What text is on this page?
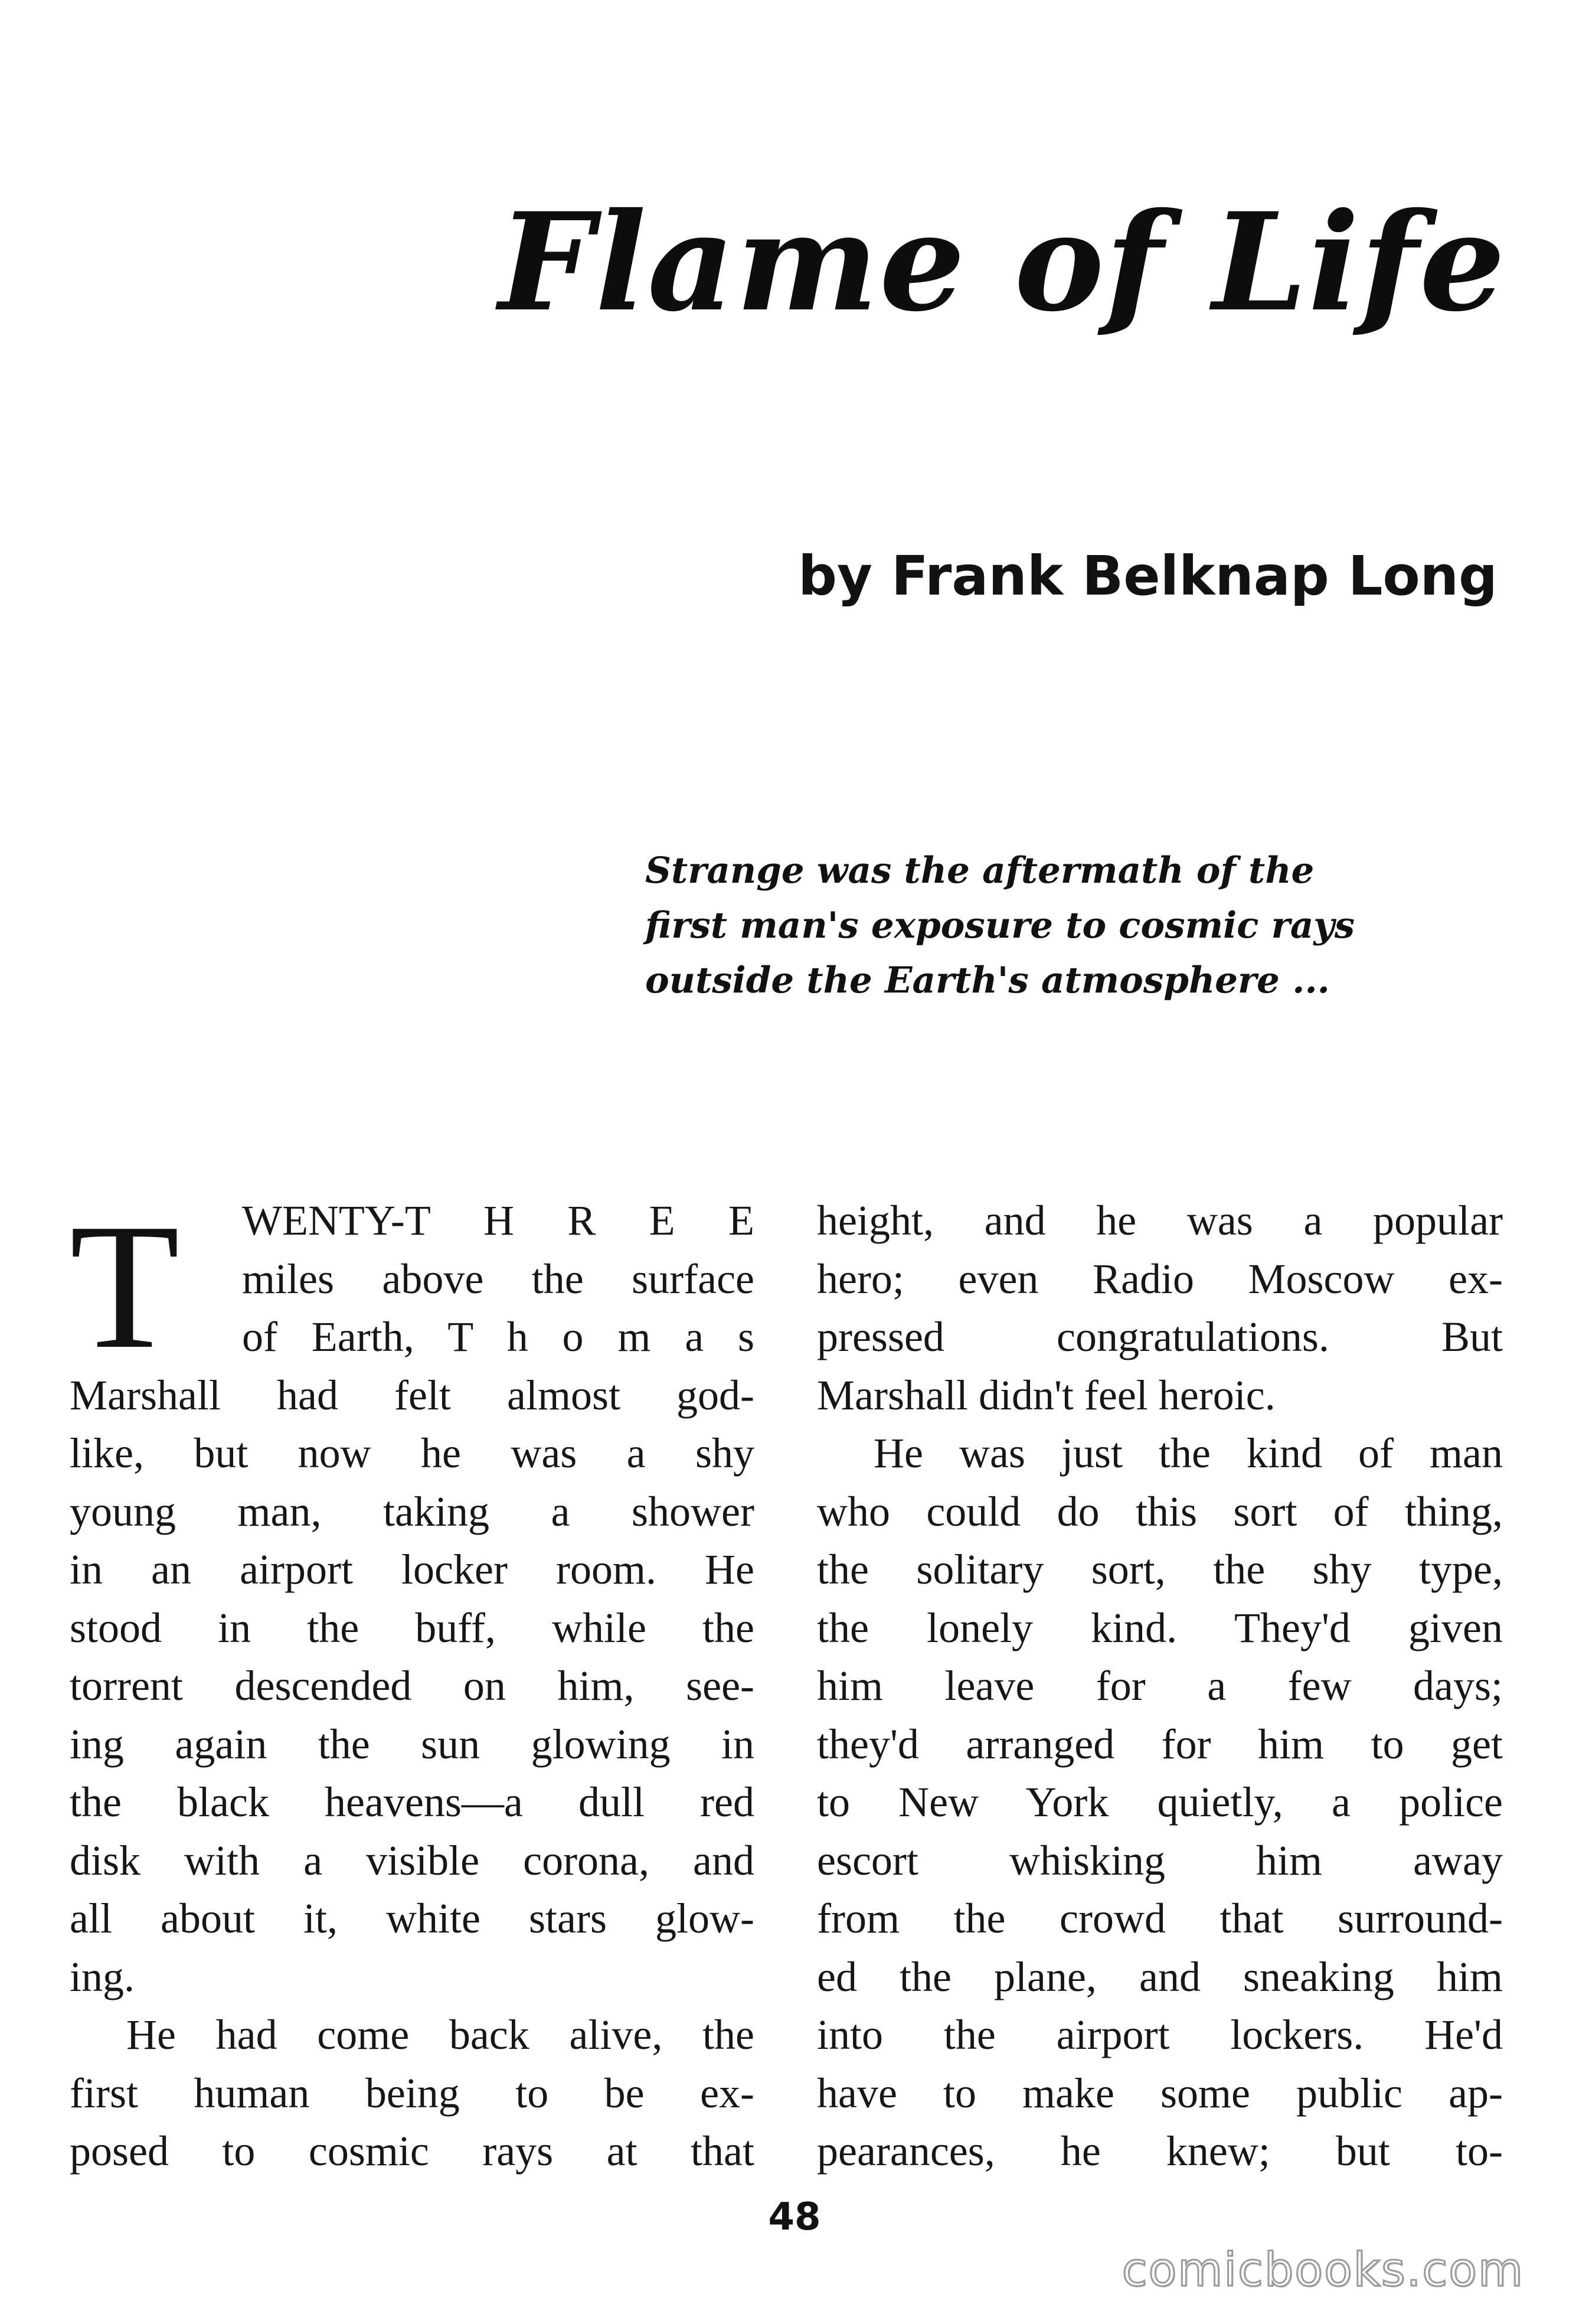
Flame of Life
by Frank Belknap Long
Strange was the aftermath of the
first man's exposure to cosmic rays
outside the Earth's atmosphere ...
T	WENTY-T H R E E
miles above the surface
of Earth, T h o m a s
Marshall had felt almost god-
like, but now he was a shy
young man, taking a shower
in an airport locker room. He
stood in the buff, while the
torrent descended on him, see-
ing again the sun glowing in
the black heavens—a dull red
disk with a visible corona, and
all about it, white stars glow-
ing.
He had come back alive, the
first human being to be ex-
posed to cosmic rays at that
height, and he was a popular
hero; even Radio Moscow ex-
pressed congratulations. But
Marshall didn't feel heroic.
He was just the kind of man
who could do this sort of thing,
the solitary sort, the shy type,
the lonely kind. They'd given
him leave for a few days;
they'd arranged for him to get
to New York quietly, a police
escort whisking him away
from the crowd that surround-
ed the plane, and sneaking him
into the airport lockers. He'd
have to make some public ap-
pearances, he knew; but to-
48
comicbooks.com
